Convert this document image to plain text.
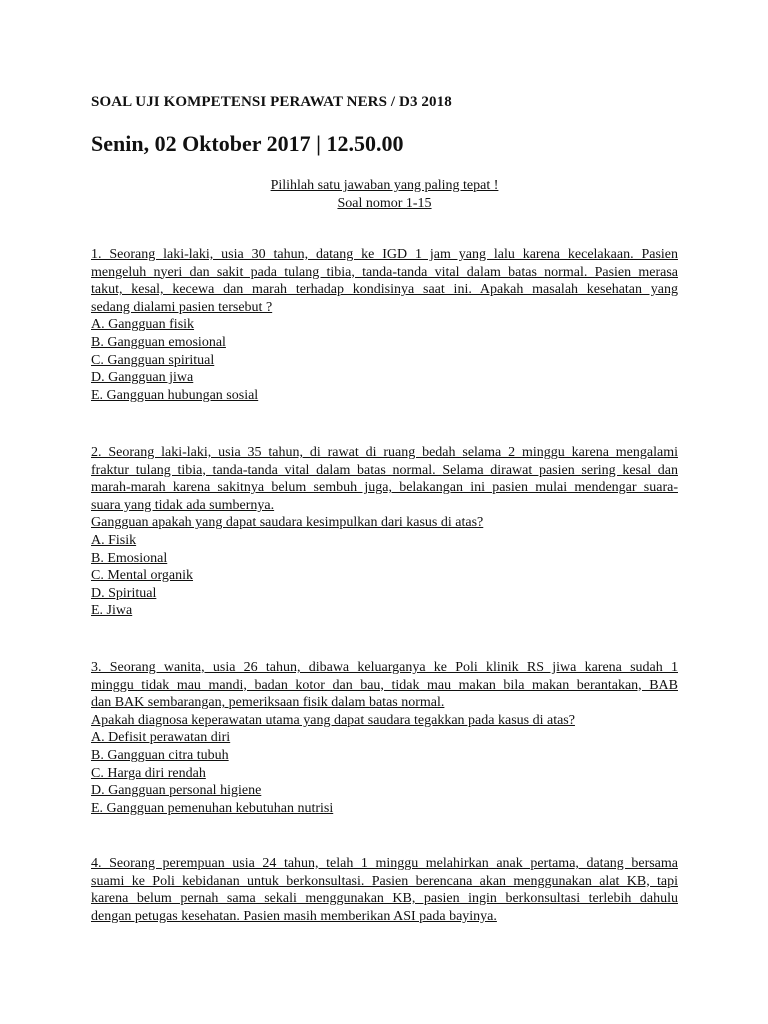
SOAL UJI KOMPETENSI PERAWAT NERS / D3 2018
Senin, 02 Oktober 2017 | 12.50.00
Pilihlah satu jawaban yang paling tepat !
Soal nomor 1-15
1. Seorang laki-laki, usia 30 tahun, datang ke IGD 1 jam yang lalu karena kecelakaan. Pasien
mengeluh nyeri dan sakit pada tulang tibia, tanda-tanda vital dalam batas normal. Pasien merasa
takut, kesal, kecewa dan marah terhadap kondisinya saat ini. Apakah masalah kesehatan yang
sedang dialami pasien tersebut ?
A. Gangguan fisik
B. Gangguan emosional
C. Gangguan spiritual
D. Gangguan jiwa
E. Gangguan hubungan sosial
2. Seorang laki-laki, usia 35 tahun, di rawat di ruang bedah selama 2 minggu karena mengalami
fraktur tulang tibia, tanda-tanda vital dalam batas normal. Selama dirawat pasien sering kesal dan
marah-marah karena sakitnya belum sembuh juga, belakangan ini pasien mulai mendengar suara-
suara yang tidak ada sumbernya.
Gangguan apakah yang dapat saudara kesimpulkan dari kasus di atas?
A. Fisik
B. Emosional
C. Mental organik
D. Spiritual
E. Jiwa
3. Seorang wanita, usia 26 tahun, dibawa keluarganya ke Poli klinik RS jiwa karena sudah 1
minggu tidak mau mandi, badan kotor dan bau, tidak mau makan bila makan berantakan, BAB
dan BAK sembarangan, pemeriksaan fisik dalam batas normal.
Apakah diagnosa keperawatan utama yang dapat saudara tegakkan pada kasus di atas?
A. Defisit perawatan diri
B. Gangguan citra tubuh
C. Harga diri rendah
D. Gangguan personal higiene
E. Gangguan pemenuhan kebutuhan nutrisi
4. Seorang perempuan usia 24 tahun, telah 1 minggu melahirkan anak pertama, datang bersama
suami ke Poli kebidanan untuk berkonsultasi. Pasien berencana akan menggunakan alat KB, tapi
karena belum pernah sama sekali menggunakan KB, pasien ingin berkonsultasi terlebih dahulu
dengan petugas kesehatan. Pasien masih memberikan ASI pada bayinya.
